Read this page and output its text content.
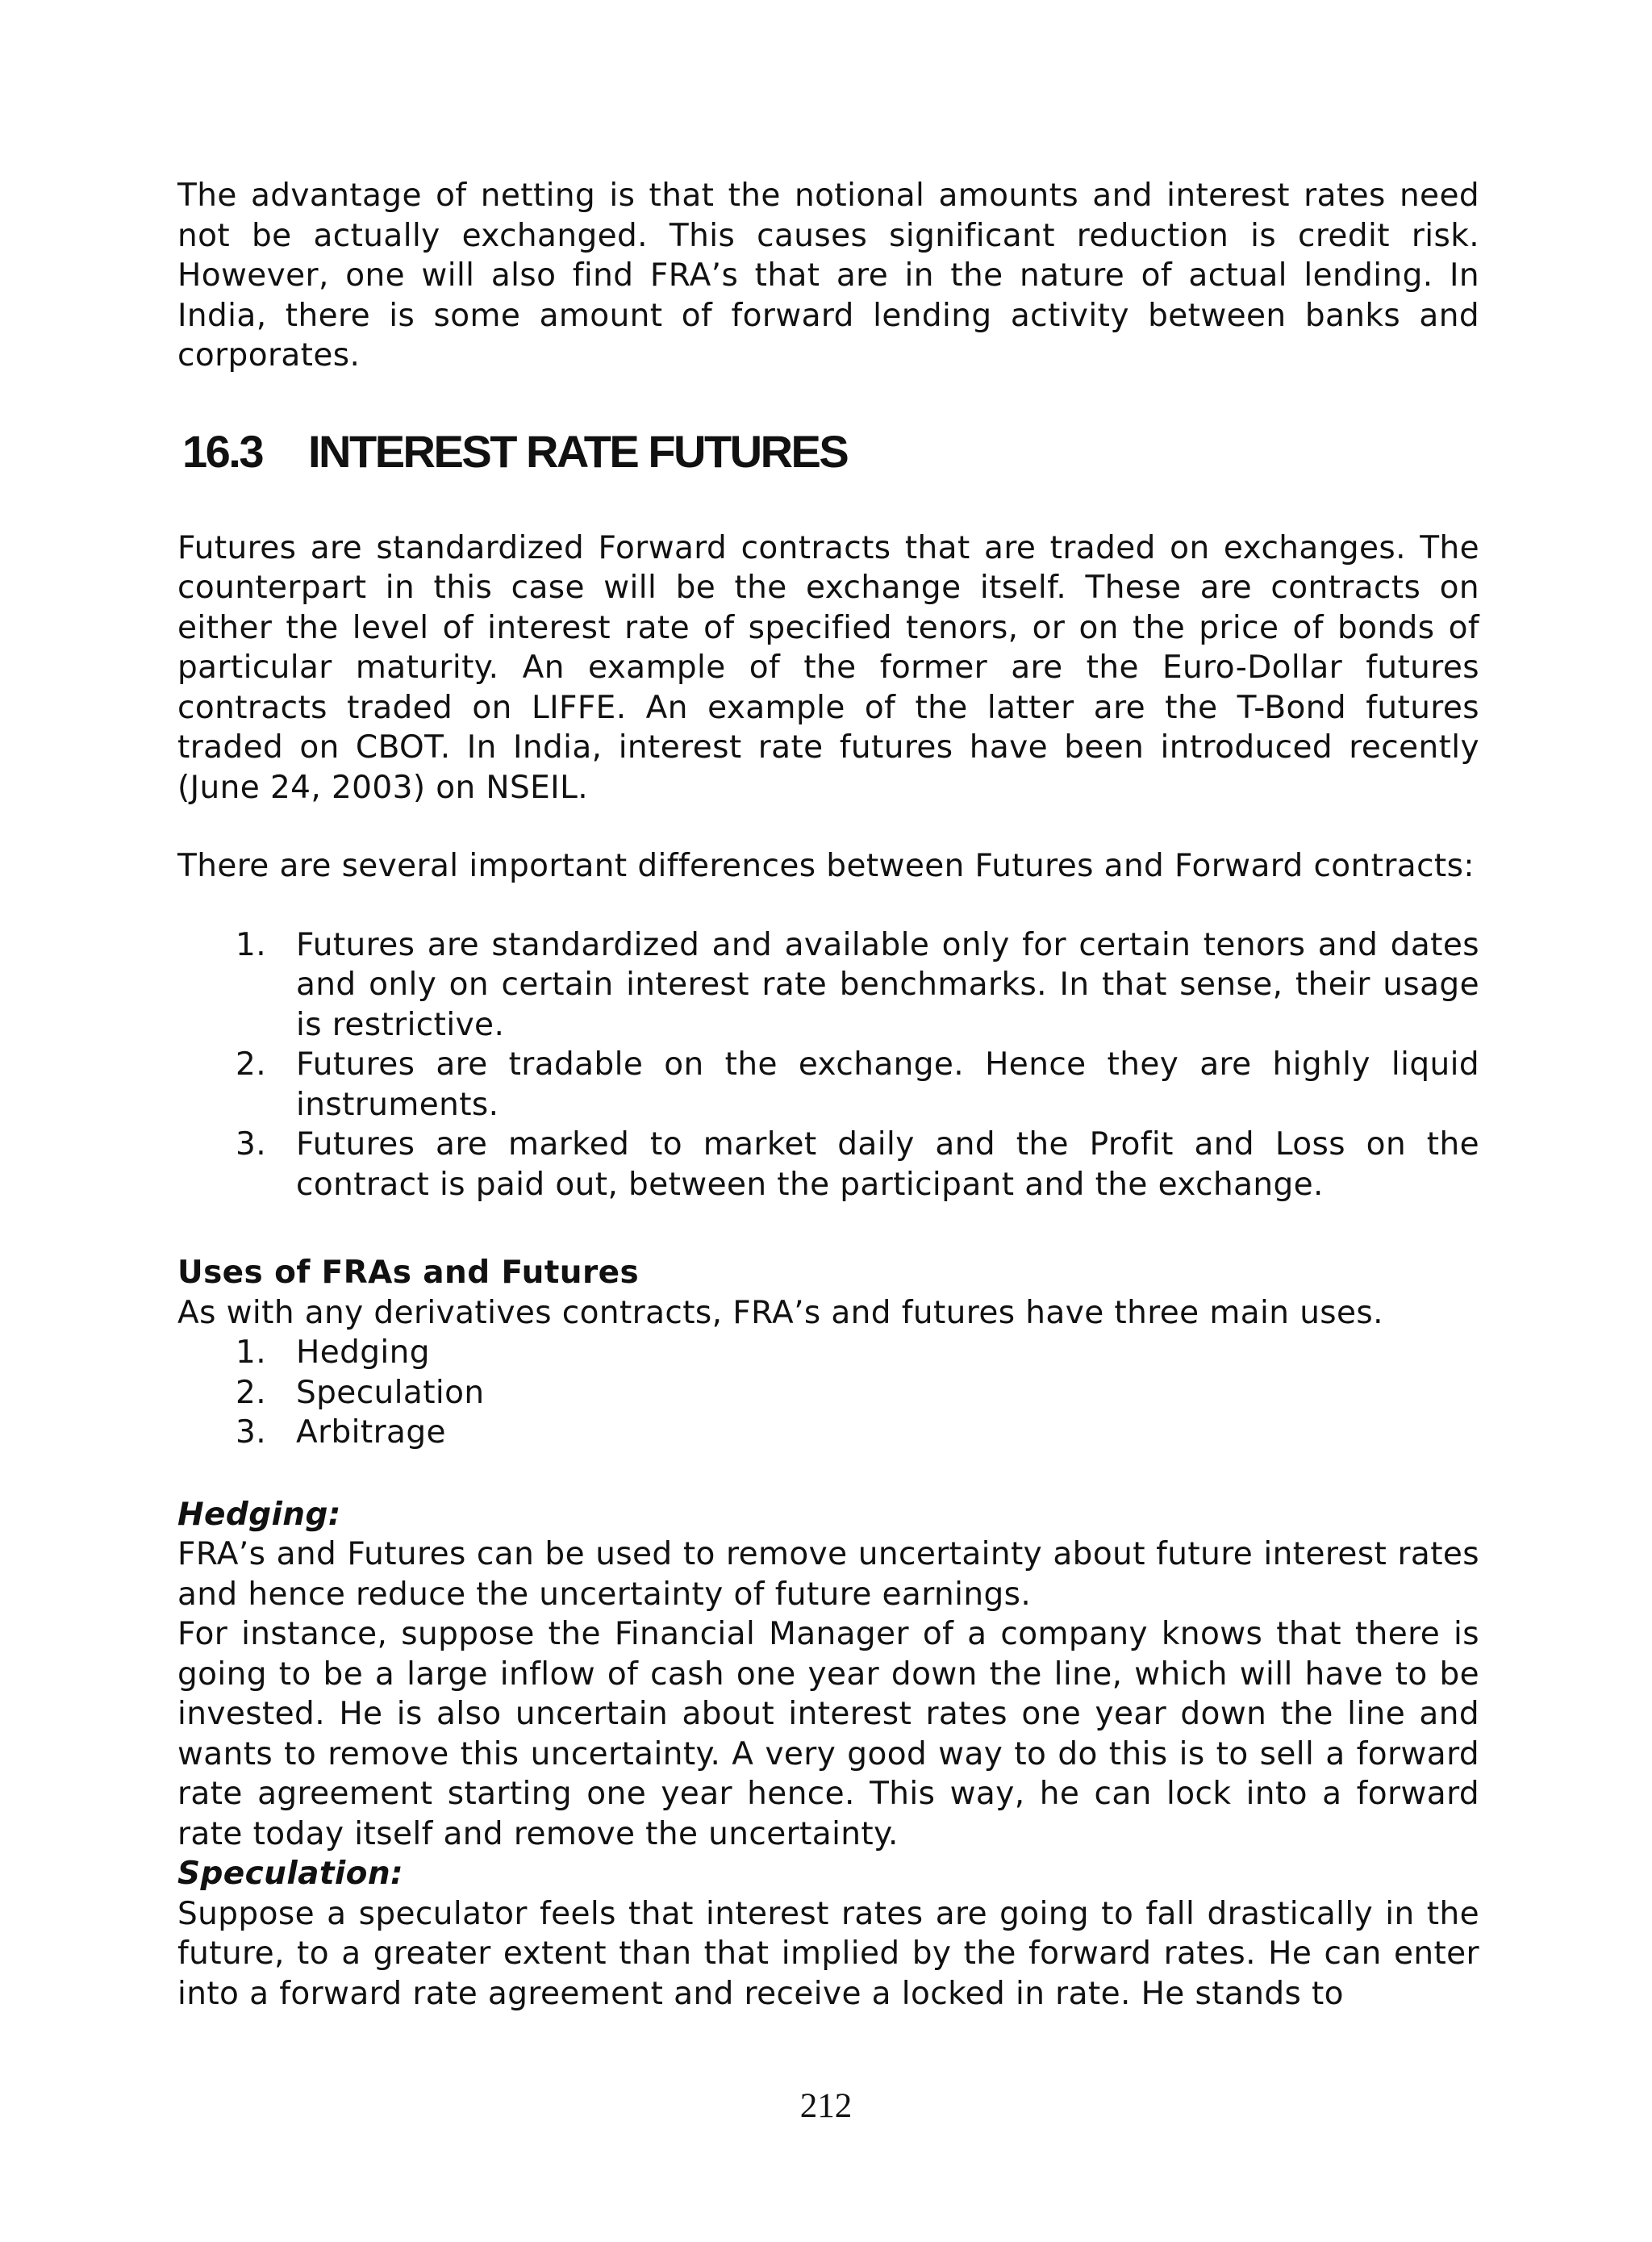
The advantage of netting is that the notional amounts and interest rates need not be actually exchanged. This causes significant reduction is credit risk. However, one will also find FRA’s that are in the nature of actual lending. In India, there is some amount of forward lending activity between banks and corporates.

16.3 INTEREST RATE FUTURES

Futures are standardized Forward contracts that are traded on exchanges. The counterpart in this case will be the exchange itself. These are contracts on either the level of interest rate of specified tenors, or on the price of bonds of particular maturity. An example of the former are the Euro-Dollar futures contracts traded on LIFFE. An example of the latter are the T-Bond futures traded on CBOT. In India, interest rate futures have been introduced recently (June 24, 2003) on NSEIL.

There are several important differences between Futures and Forward contracts:

1. Futures are standardized and available only for certain tenors and dates and only on certain interest rate benchmarks. In that sense, their usage is restrictive.
2. Futures are tradable on the exchange. Hence they are highly liquid instruments.
3. Futures are marked to market daily and the Profit and Loss on the contract is paid out, between the participant and the exchange.

Uses of FRAs and Futures

As with any derivatives contracts, FRA’s and futures have three main uses.

1. Hedging
2. Speculation
3. Arbitrage

Hedging:

FRA’s and Futures can be used to remove uncertainty about future interest rates and hence reduce the uncertainty of future earnings.

For instance, suppose the Financial Manager of a company knows that there is going to be a large inflow of cash one year down the line, which will have to be invested. He is also uncertain about interest rates one year down the line and wants to remove this uncertainty. A very good way to do this is to sell a forward rate agreement starting one year hence. This way, he can lock into a forward rate today itself and remove the uncertainty.

Speculation:

Suppose a speculator feels that interest rates are going to fall drastically in the future, to a greater extent than that implied by the forward rates. He can enter into a forward rate agreement and receive a locked in rate. He stands to

212
